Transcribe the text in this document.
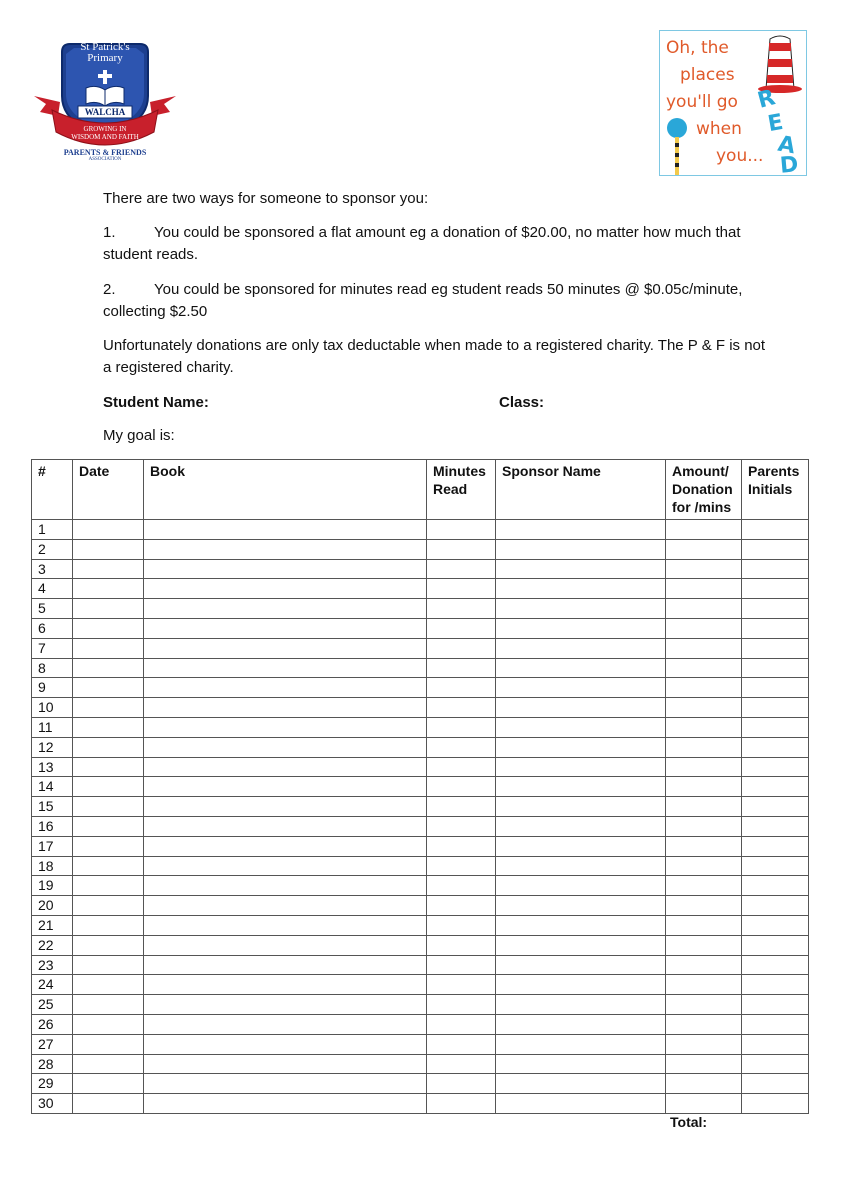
St Patrick's
Primary
WALCHA
GROWING IN
WISDOM AND FAITH
PARENTS & FRIENDS
ASSOCIATION
Oh, the
places
you'll go
when
you...
R
E
A
D
There are two ways for someone to sponsor you:
1.	You could be sponsored a flat amount eg a donation of $20.00, no matter how much that
student reads.
2.	You could be sponsored for minutes read eg student reads 50 minutes @ $0.05c/minute,
collecting $2.50
Unfortunately donations are only tax deductable when made to a registered charity. The P & F is not
a registered charity.
Student Name:	Class:
My goal is:
#	Date	Book	Minutes Read	Sponsor Name	Amount/ Donation for /mins	Parents Initials
1						
2						
3						
4						
5						
6						
7						
8						
9						
10						
11						
12						
13						
14						
15						
16						
17						
18						
19						
20						
21						
22						
23						
24						
25						
26						
27						
28						
29						
30						
Total:
